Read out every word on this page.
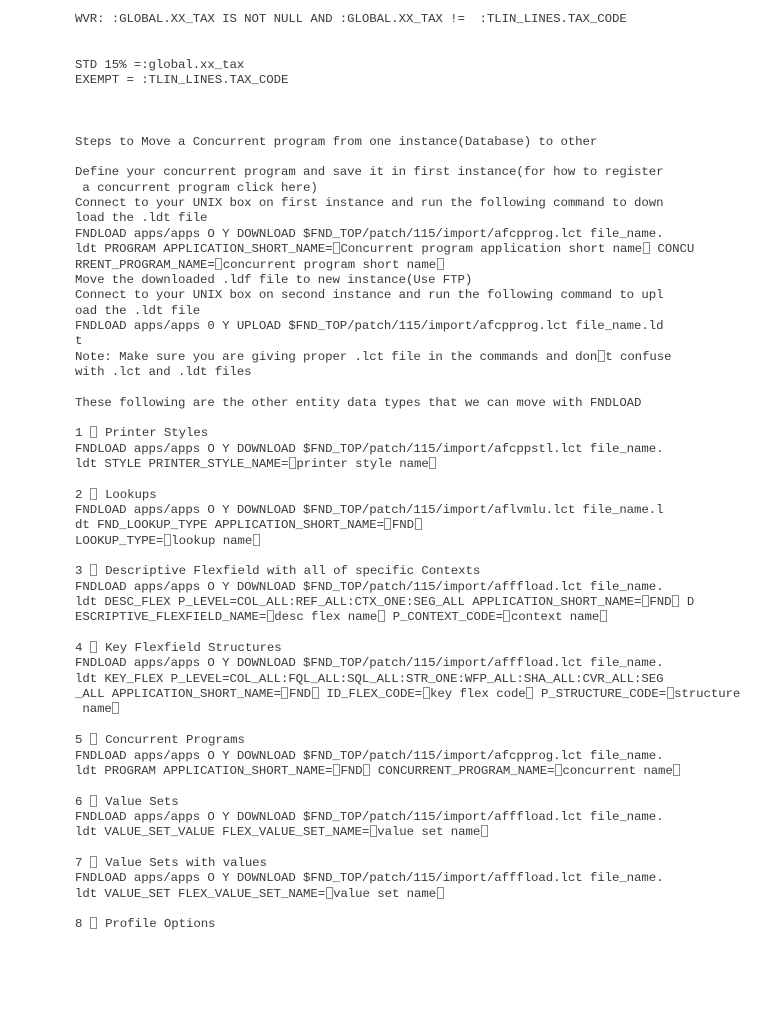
WVR: :GLOBAL.XX_TAX IS NOT NULL AND :GLOBAL.XX_TAX !=  :TLIN_LINES.TAX_CODE
STD 15% =:global.xx_tax
EXEMPT = :TLIN_LINES.TAX_CODE
Steps to Move a Concurrent program from one instance(Database) to other
Define your concurrent program and save it in first instance(for how to register
a concurrent program click here)
Connect to your UNIX box on first instance and run the following command to down
load the .ldt file
FNDLOAD apps/apps O Y DOWNLOAD $FND_TOP/patch/115/import/afcpprog.lct file_name.
ldt PROGRAM APPLICATION_SHORT_NAME= Concurrent program application short name CONCU
RRENT_PROGRAM_NAME= concurrent program short name
Move the downloaded .ldf file to new instance(Use FTP)
Connect to your UNIX box on second instance and run the following command to upl
oad the .ldt file
FNDLOAD apps/apps 0 Y UPLOAD $FND_TOP/patch/115/import/afcpprog.lct file_name.ld
t
Note: Make sure you are giving proper .lct file in the commands and don t confuse
with .lct and .ldt files
These following are the other entity data types that we can move with FNDLOAD
1  Printer Styles
FNDLOAD apps/apps O Y DOWNLOAD $FND_TOP/patch/115/import/afcppstl.lct file_name.
ldt STYLE PRINTER_STYLE_NAME= printer style name
2  Lookups
FNDLOAD apps/apps O Y DOWNLOAD $FND_TOP/patch/115/import/aflvmlu.lct file_name.l
dt FND_LOOKUP_TYPE APPLICATION_SHORT_NAME= FND
LOOKUP_TYPE= lookup name
3  Descriptive Flexfield with all of specific Contexts
FNDLOAD apps/apps O Y DOWNLOAD $FND_TOP/patch/115/import/afffload.lct file_name.
ldt DESC_FLEX P_LEVEL=COL_ALL:REF_ALL:CTX_ONE:SEG_ALL APPLICATION_SHORT_NAME= FND D
ESCRIPTIVE_FLEXFIELD_NAME= desc flex name P_CONTEXT_CODE= context name
4  Key Flexfield Structures
FNDLOAD apps/apps O Y DOWNLOAD $FND_TOP/patch/115/import/afffload.lct file_name.
ldt KEY_FLEX P_LEVEL=COL_ALL:FQL_ALL:SQL_ALL:STR_ONE:WFP_ALL:SHA_ALL:CVR_ALL:SEG
_ALL APPLICATION_SHORT_NAME= FND ID_FLEX_CODE= key flex code P_STRUCTURE_CODE= structure
name
5  Concurrent Programs
FNDLOAD apps/apps O Y DOWNLOAD $FND_TOP/patch/115/import/afcpprog.lct file_name.
ldt PROGRAM APPLICATION_SHORT_NAME= FND CONCURRENT_PROGRAM_NAME= concurrent name
6  Value Sets
FNDLOAD apps/apps O Y DOWNLOAD $FND_TOP/patch/115/import/afffload.lct file_name.
ldt VALUE_SET_VALUE FLEX_VALUE_SET_NAME= value set name
7  Value Sets with values
FNDLOAD apps/apps O Y DOWNLOAD $FND_TOP/patch/115/import/afffload.lct file_name.
ldt VALUE_SET FLEX_VALUE_SET_NAME= value set name
8  Profile Options
